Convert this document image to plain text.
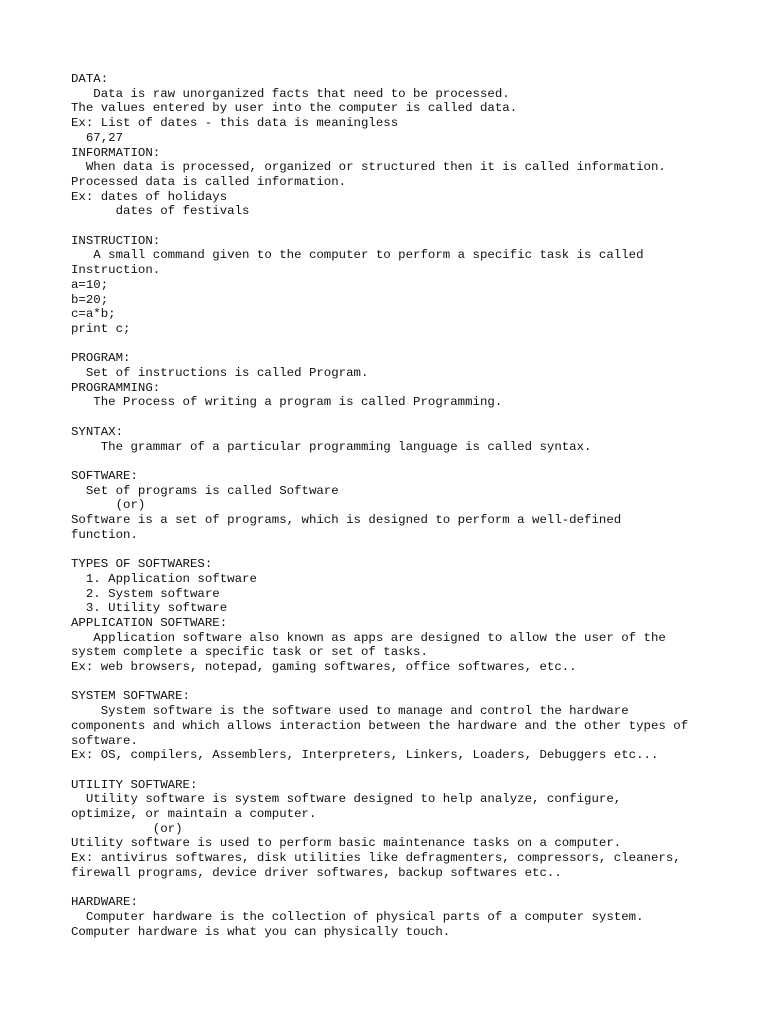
DATA:
Data is raw unorganized facts that need to be processed.
The values entered by user into the computer is called data.
Ex: List of dates - this data is meaningless
67,27
INFORMATION:
When data is processed, organized or structured then it is called information.
Processed data is called information.
Ex: dates of holidays
dates of festivals
INSTRUCTION:
A small command given to the computer to perform a specific task is called
Instruction.
a=10;
b=20;
c=a*b;
print c;
PROGRAM:
Set of instructions is called Program.
PROGRAMMING:
The Process of writing a program is called Programming.
SYNTAX:
The grammar of a particular programming language is called syntax.
SOFTWARE:
Set of programs is called Software
(or)
Software is a set of programs, which is designed to perform a well-defined
function.
TYPES OF SOFTWARES:
1. Application software
2. System software
3. Utility software
APPLICATION SOFTWARE:
Application software also known as apps are designed to allow the user of the
system complete a specific task or set of tasks.
Ex: web browsers, notepad, gaming softwares, office softwares, etc..
SYSTEM SOFTWARE:
System software is the software used to manage and control the hardware
components and which allows interaction between the hardware and the other types of
software.
Ex: OS, compilers, Assemblers, Interpreters, Linkers, Loaders, Debuggers etc...
UTILITY SOFTWARE:
Utility software is system software designed to help analyze, configure,
optimize, or maintain a computer.
(or)
Utility software is used to perform basic maintenance tasks on a computer.
Ex: antivirus softwares, disk utilities like defragmenters, compressors, cleaners,
firewall programs, device driver softwares, backup softwares etc..
HARDWARE:
Computer hardware is the collection of physical parts of a computer system.
Computer hardware is what you can physically touch.
